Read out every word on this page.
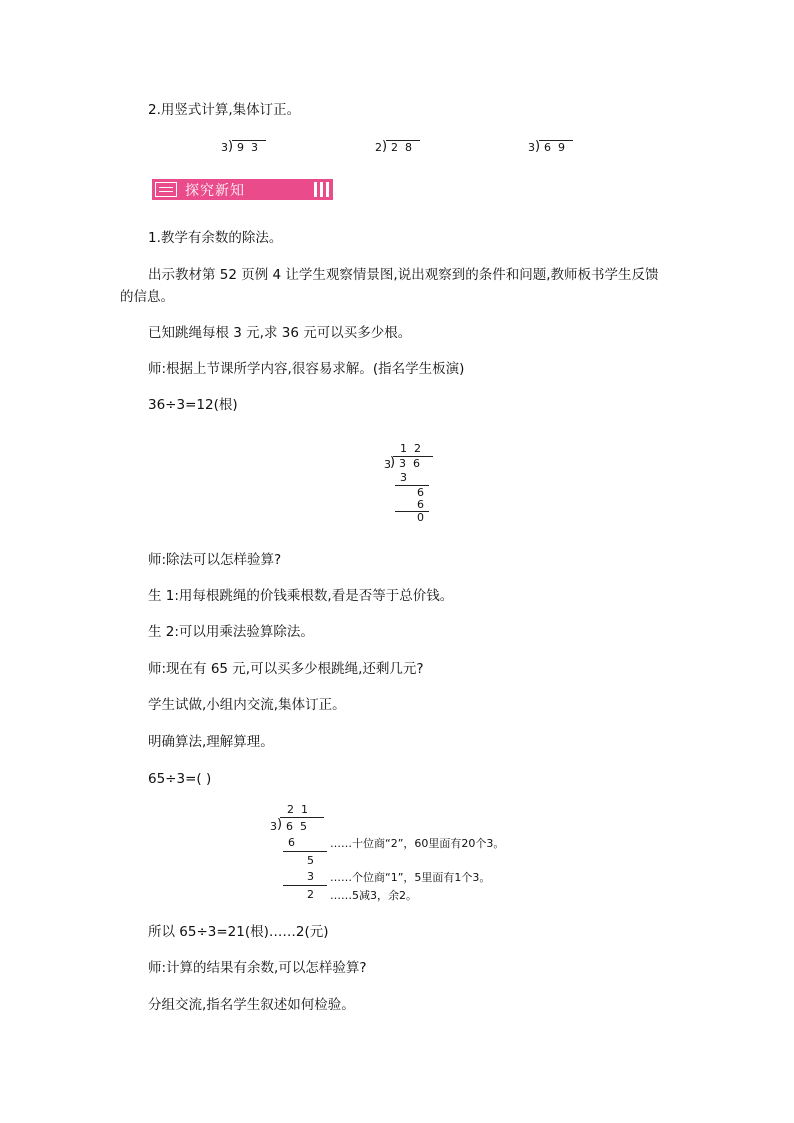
2.用竖式计算,集体订正。
3 ) 9  3	2 ) 2  8	3 ) 6  9
探究新知
1.教学有余数的除法。
出示教材第 52 页例 4 让学生观察情景图,说出观察到的条件和问题,教师板书学生反馈
的信息。
已知跳绳每根 3 元,求 36 元可以买多少根。
师:根据上节课所学内容,很容易求解。(指名学生板演)
36÷3=12(根)
1  2
3 ) 3  6
3
6
6
0
师:除法可以怎样验算?
生 1:用每根跳绳的价钱乘根数,看是否等于总价钱。
生 2:可以用乘法验算除法。
师:现在有 65 元,可以买多少根跳绳,还剩几元?
学生试做,小组内交流,集体订正。
明确算法,理解算理。
65÷3=( )
2  1
3 ) 6  5
6	……十位商“2”，60里面有20个3。
5
3 ……个位商“1”，5里面有1个3。
2 ……5减3，余2。
所以 65÷3=21(根)……2(元)
师:计算的结果有余数,可以怎样验算?
分组交流,指名学生叙述如何检验。
